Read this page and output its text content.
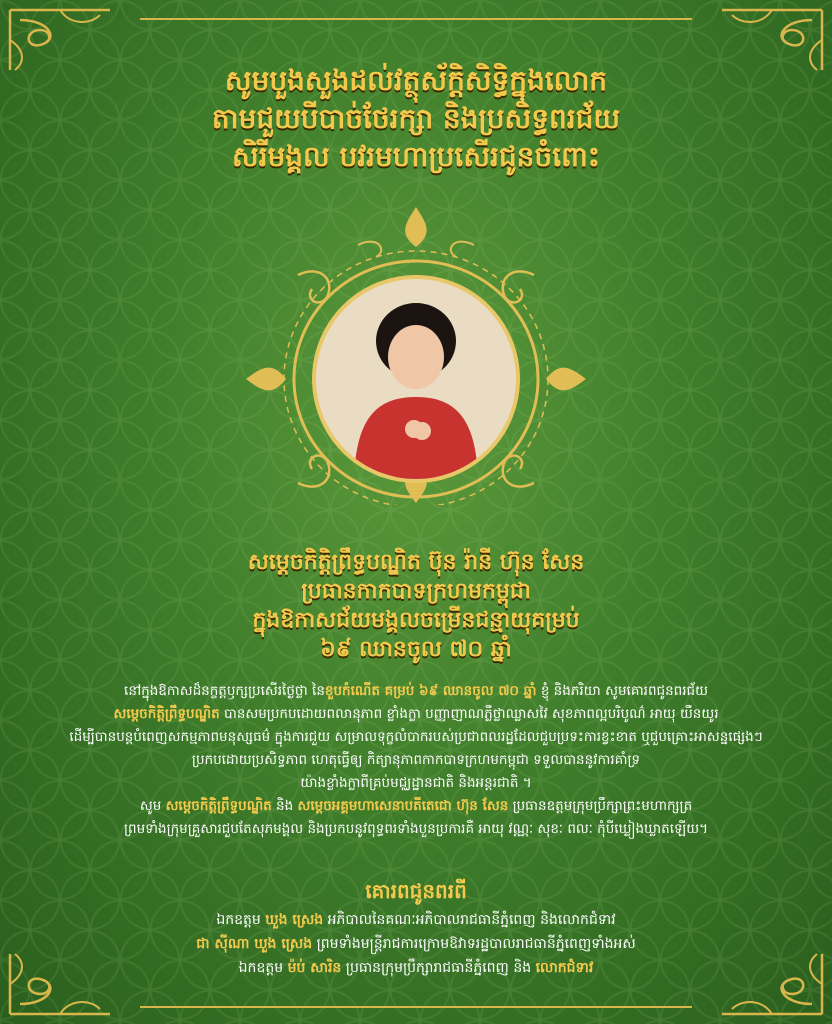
សូមបួងសួងដល់វត្ថុស័ក្តិសិទ្ធិក្នុងលោក
តាមជួយបីបាច់ថែរក្សា និងប្រសិទ្ធពរជ័យ
សិរីមង្គល បវរមហាប្រសើរជូនចំពោះ
សម្តេចកិត្តិព្រឹទ្ធបណ្ឌិត ប៊ុន រ៉ានី ហ៊ុន សែន
ប្រធានកាកបាទក្រហមកម្ពុជា
ក្នុងឱកាសជ័យមង្គលចម្រើនជន្មាយុគម្រប់
៦៩ ឈានចូល ៧០ ឆ្នាំ
នៅក្នុងឱកាសដ៏នក្ខត្តឫក្សប្រសើរថ្ងៃថ្លា នៃខួបកំណើត គម្រប់ ៦៩ ឈានចូល ៧០ ឆ្នាំ ខ្ញុំ និងភរិយា សូមគោរពជូនពរជ័យ
សម្តេចកិត្តិព្រឹទ្ធបណ្ឌិត បានសមប្រកបដោយពលានុភាព ខ្លាំងក្លា បញ្ញាញាណភ្លឺថ្លាឈ្លាសវៃ សុខភាពល្អបរិបូណ៌ អាយុ យឺនយូរ
ដើម្បីបានបន្តបំពេញសកម្មភាពមនុស្សធម៌ ក្នុងការជួយ សម្រាលទុក្ខលំបាករបស់ប្រជាពលរដ្ឋដែលជួបប្រទះការខ្វះខាត ឬជួបគ្រោះអាសន្នផ្សេងៗ
ប្រកបដោយប្រសិទ្ធភាព ហេតុធ្វើឲ្យ កិត្យានុភាពកាកបាទក្រហមកម្ពុជា ទទួលបាននូវការគាំទ្រ
យ៉ាងខ្លាំងក្លាពីគ្រប់មជ្ឈដ្ឋានជាតិ និងអន្តរជាតិ ។
សូម សម្តេចកិត្តិព្រឹទ្ធបណ្ឌិត និង សម្តេចអគ្គមហាសេនាបតីតេជោ ហ៊ុន សែន ប្រធានឧត្តមក្រុមប្រឹក្សាព្រះមហាក្សត្រ
ព្រមទាំងក្រុមគ្រួសារជួបតែសុភមង្គល និងប្រកបនូវពុទ្ធពរទាំងបួនប្រការគឺ អាយុ វណ្ណៈ សុខៈ ពលៈ កុំបីឃ្លៀងឃ្លាតឡើយ។
គោរពជូនពរពី
ឯកឧត្តម ឃួង ស្រេង អភិបាលនៃគណៈអភិបាលរាជធានីភ្នំពេញ និងលោកជំទាវ
ជា ស៊ីណា ឃួង ស្រេង ព្រមទាំងមន្ត្រីរាជការក្រោមឱវាទរដ្ឋបាលរាជធានីភ្នំពេញទាំងអស់
ឯកឧត្តម ម៉ប់ សារិន ប្រធានក្រុមប្រឹក្សារាជធានីភ្នំពេញ និង លោកជំទាវ
